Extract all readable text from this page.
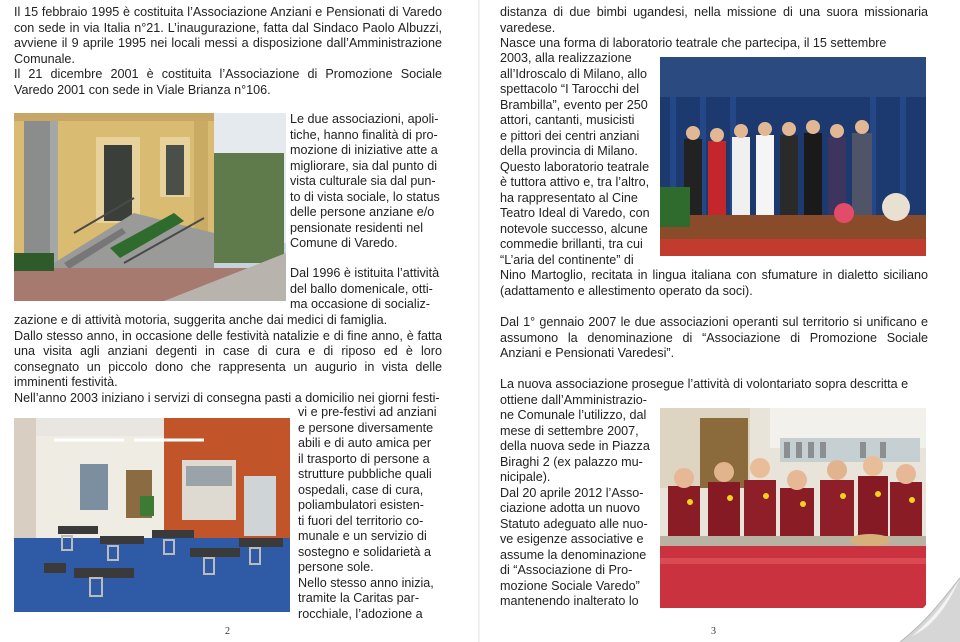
Il 15 febbraio 1995 è costituita l’Associazione Anziani e Pensionati di Varedo con sede in via Italia n°21. L’inaugurazione, fatta dal Sindaco Paolo Albuzzi, avviene il 9 aprile 1995 nei locali messi a disposizione dall’Amministrazione Comunale.

Il 21 dicembre 2001 è costituita l’Associazione di Promozione Sociale Varedo 2001 con sede in Viale Brianza n°106.

Le due associazioni, apoli-

tiche, hanno finalità di pro-

mozione di iniziative atte a

migliorare, sia dal punto di

vista culturale sia dal pun-

to di vista sociale, lo status

delle persone anziane e/o

pensionate residenti nel

Comune di Varedo.

Dal 1996 è istituita l’attività

del ballo domenicale, otti-

ma occasione di socializ-

zazione e di attività motoria, suggerita anche dai medici di famiglia.

Dallo stesso anno, in occasione delle festività natalizie e di fine anno, è fatta una visita agli anziani degenti in case di cura e di riposo ed è loro consegnato un piccolo dono che rappresenta un augurio in vista delle imminenti festività.

Nell’anno 2003 iniziano i servizi di consegna pasti a domicilio nei giorni festi-

vi e pre-festivi ad anziani

e persone diversamente

abili e di auto amica per

il trasporto di persone a

strutture pubbliche quali

ospedali, case di cura,

poliambulatori esisten-

ti fuori del territorio co-

munale e un servizio di

sostegno e solidarietà a

persone sole.

Nello stesso anno inizia,

tramite la Caritas par-

rocchiale, l’adozione a

2

distanza di due bimbi ugandesi, nella missione di una suora missionaria varedese.

Nasce una forma di laboratorio teatrale che partecipa, il 15 settembre

2003, alla realizzazione

all’Idroscalo di Milano, allo

spettacolo “I Tarocchi del

Brambilla”, evento per 250

attori, cantanti, musicisti

e pittori dei centri anziani

della provincia di Milano.

Questo laboratorio teatrale

è tuttora attivo e, tra l’altro,

ha rappresentato al Cine

Teatro Ideal di Varedo, con

notevole successo, alcune

commedie brillanti, tra cui

“L’aria del continente” di

Nino Martoglio, recitata in lingua italiana con sfumature in dialetto siciliano (adattamento e allestimento operato da soci).
Dal 1° gennaio 2007 le due associazioni operanti sul territorio si unificano e assumono la denominazione di “Associazione di Promozione Sociale Anziani e Pensionati Varedesi”.

La nuova associazione prosegue l’attività di volontariato sopra descritta e ottiene dall’Amministrazio-

ne Comunale l’utilizzo, dal

mese di settembre 2007,

della nuova sede in Piazza

Biraghi 2 (ex palazzo mu-

nicipale).

Dal 20 aprile 2012 l’Asso-

ciazione adotta un nuovo

Statuto adeguato alle nuo-

ve esigenze associative e

assume la denominazione

di “Associazione di Pro-

mozione Sociale Varedo”

mantenendo inalterato lo

3
